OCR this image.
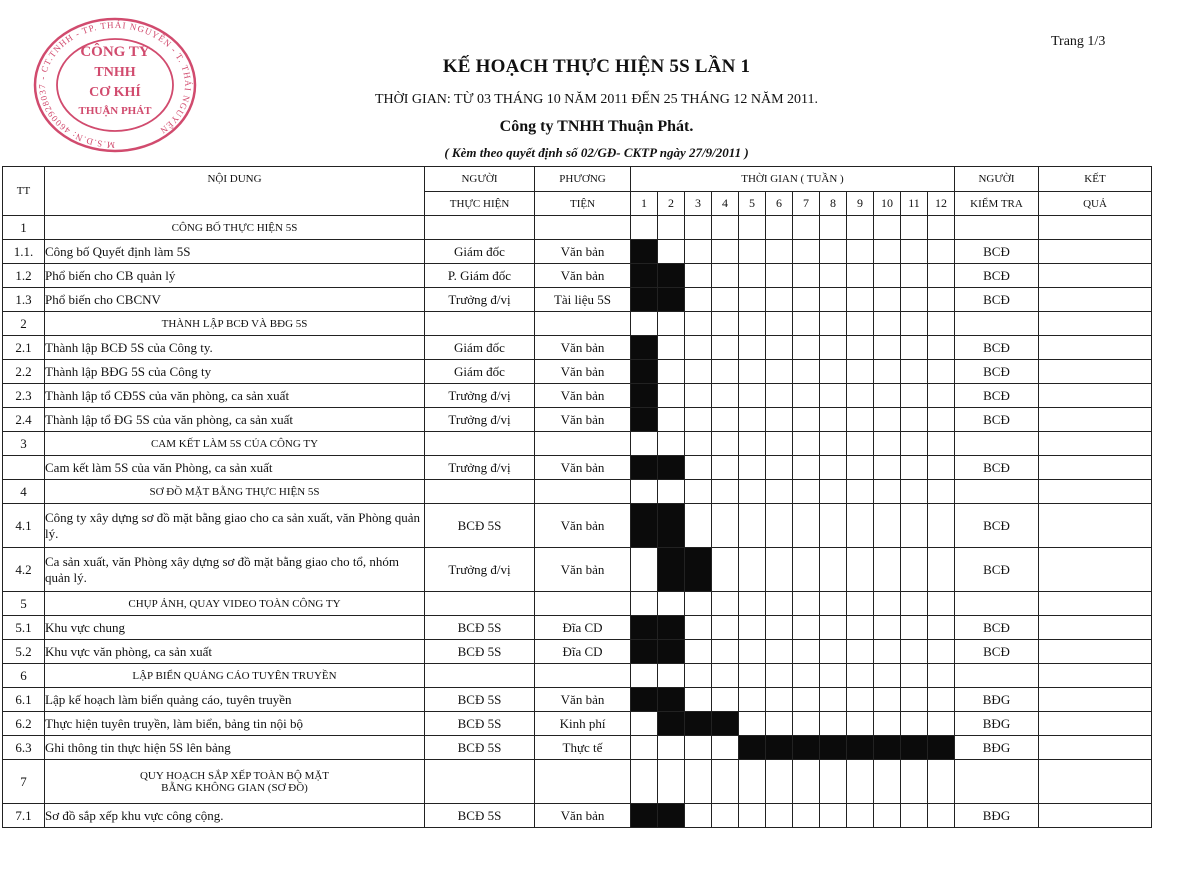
M.S.D.N: 4600928037 - CT.TNHH - TP. THÁI NGUYÊN - T. THÁI NGUYÊN
CÔNG TY
TNHH
CƠ KHÍ
THUẬN PHÁT
Trang 1/3
KẾ HOẠCH THỰC HIỆN 5S LẦN 1
THỜI GIAN: TỪ 03 THÁNG 10 NĂM 2011 ĐẾN 25 THÁNG 12 NĂM 2011.
Công ty TNHH Thuận Phát.
( Kèm theo quyết định số 02/GĐ- CKTP ngày 27/9/2011 )
TT	NỘI DUNG	NGƯỜI	PHƯƠNG	THỜI GIAN ( TUẦN )												NGƯỜI	KẾT
		THỰC HIỆN	TIỆN	1	2	3	4	5	6	7	8	9	10	11	12	KIỂM TRA	QUẢ
1	CÔNG BỐ THỰC HIỆN 5S																

1.1.	Công bố Quyết định làm 5S	Giám đốc	Văn bản													BCĐ	
1.2	Phổ biến cho CB quản lý	P. Giám đốc	Văn bản													BCĐ	
1.3	Phổ biến cho CBCNV	Trưởng đ/vị	Tài liệu 5S													BCĐ	
2	THÀNH LẬP BCĐ VÀ BĐG 5S																

2.1	Thành lập BCĐ 5S của Công ty.	Giám đốc	Văn bản													BCĐ	
2.2	Thành lập BĐG 5S của Công ty	Giám đốc	Văn bản													BCĐ	
2.3	Thành lập tổ CĐ5S của văn phòng, ca sản xuất	Trưởng đ/vị	Văn bản													BCĐ	
2.4	Thành lập tổ ĐG 5S của văn phòng, ca sản xuất	Trưởng đ/vị	Văn bản													BCĐ	
3	CAM KẾT LÀM 5S CỦA CÔNG TY																

	Cam kết làm 5S của văn Phòng, ca sản xuất	Trưởng đ/vị	Văn bản													BCĐ	
4	SƠ ĐỒ MẶT BẰNG THỰC HIỆN 5S																

4.1	Công ty xây dựng sơ đồ mặt bằng giao cho ca sản xuất, văn Phòng quản lý.	BCĐ 5S	Văn bản													BCĐ	
4.2	Ca sản xuất, văn Phòng xây dựng sơ đồ mặt bằng giao cho tổ, nhóm quản lý.	Trưởng đ/vị	Văn bản													BCĐ	
5	CHỤP ẢNH, QUAY VIDEO TOÀN CÔNG TY																

5.1	Khu vực chung	BCĐ 5S	Đĩa CD													BCĐ	
5.2	Khu vực văn phòng, ca sản xuất	BCĐ 5S	Đĩa CD													BCĐ	
6	LẬP BIỂN QUẢNG CÁO TUYÊN TRUYỀN																

6.1	Lập kế hoạch làm biển quảng cáo, tuyên truyền	BCĐ 5S	Văn bản													BĐG	
6.2	Thực hiện tuyên truyền, làm biển, bảng tin nội bộ	BCĐ 5S	Kinh phí													BĐG	
6.3	Ghi thông tin thực hiện 5S lên bảng	BCĐ 5S	Thực tế													BĐG	
7	QUY HOẠCH SẮP XẾP TOÀN BỘ MẶT
BẰNG KHÔNG GIAN (SƠ ĐỒ)																

7.1	Sơ đồ sắp xếp khu vực công cộng.	BCĐ 5S	Văn bản													BĐG	
